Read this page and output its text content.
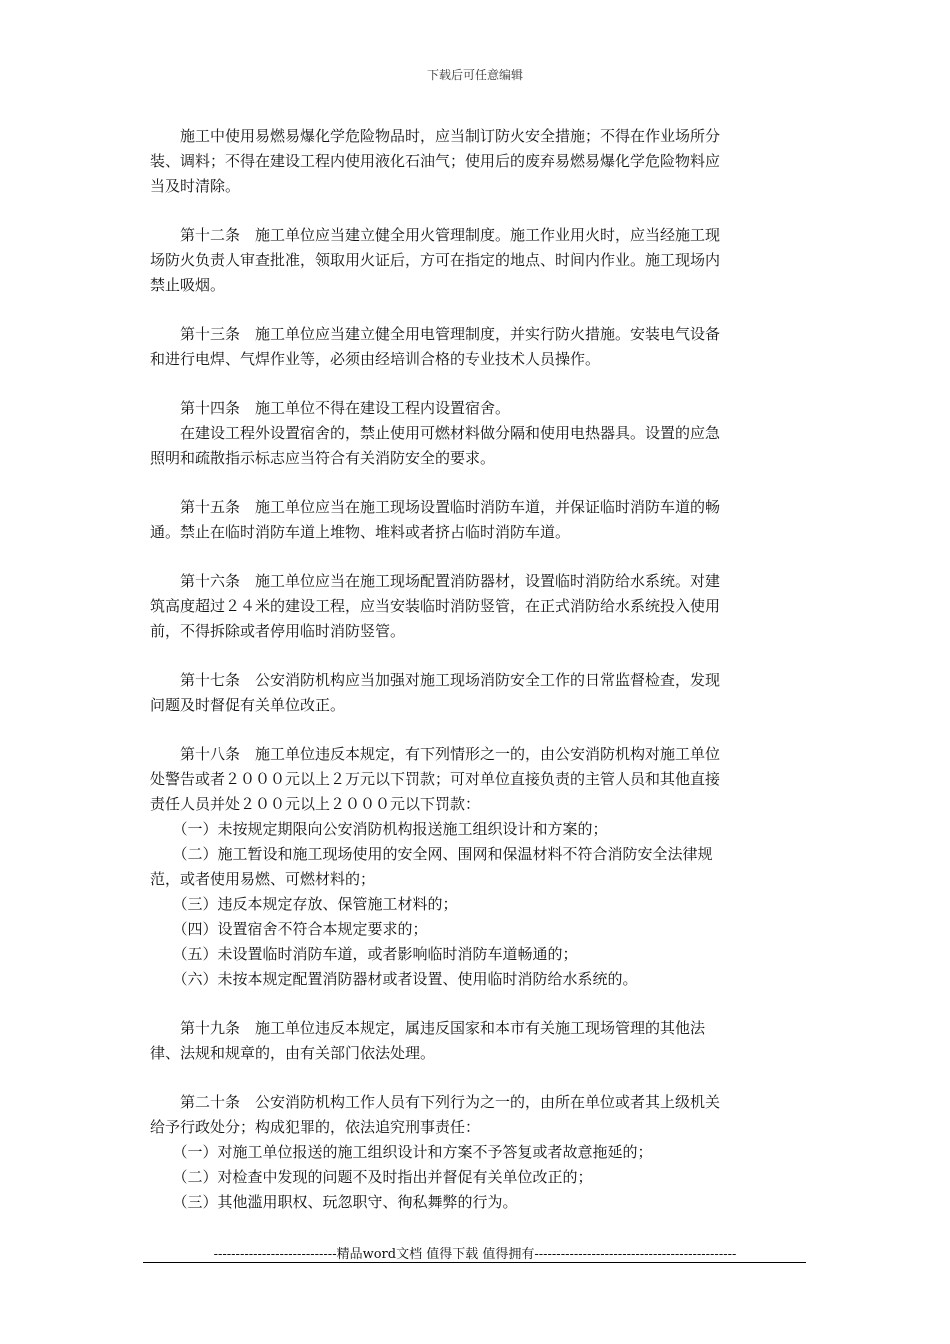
下载后可任意编辑
　　施工中使用易燃易爆化学危险物品时，应当制订防火安全措施；不得在作业场所分
装、调料；不得在建设工程内使用液化石油气；使用后的废弃易燃易爆化学危险物料应
当及时清除。
　　第十二条　施工单位应当建立健全用火管理制度。施工作业用火时，应当经施工现
场防火负责人审查批准，领取用火证后，方可在指定的地点、时间内作业。施工现场内
禁止吸烟。
　　第十三条　施工单位应当建立健全用电管理制度，并实行防火措施。安装电气设备
和进行电焊、气焊作业等，必须由经培训合格的专业技术人员操作。
　　第十四条　施工单位不得在建设工程内设置宿舍。
　　在建设工程外设置宿舍的，禁止使用可燃材料做分隔和使用电热器具。设置的应急
照明和疏散指示标志应当符合有关消防安全的要求。
　　第十五条　施工单位应当在施工现场设置临时消防车道，并保证临时消防车道的畅
通。禁止在临时消防车道上堆物、堆料或者挤占临时消防车道。
　　第十六条　施工单位应当在施工现场配置消防器材，设置临时消防给水系统。对建
筑高度超过２４米的建设工程，应当安装临时消防竖管，在正式消防给水系统投入使用
前，不得拆除或者停用临时消防竖管。
　　第十七条　公安消防机构应当加强对施工现场消防安全工作的日常监督检查，发现
问题及时督促有关单位改正。
　　第十八条　施工单位违反本规定，有下列情形之一的，由公安消防机构对施工单位
处警告或者２０００元以上２万元以下罚款；可对单位直接负责的主管人员和其他直接
责任人员并处２００元以上２０００元以下罚款：
　　（一）未按规定期限向公安消防机构报送施工组织设计和方案的；
　　（二）施工暂设和施工现场使用的安全网、围网和保温材料不符合消防安全法律规
范，或者使用易燃、可燃材料的；
　　（三）违反本规定存放、保管施工材料的；
　　（四）设置宿舍不符合本规定要求的；
　　（五）未设置临时消防车道，或者影响临时消防车道畅通的；
　　（六）未按本规定配置消防器材或者设置、使用临时消防给水系统的。
　　第十九条　施工单位违反本规定，属违反国家和本市有关施工现场管理的其他法
律、法规和规章的，由有关部门依法处理。
　　第二十条　公安消防机构工作人员有下列行为之一的，由所在单位或者其上级机关
给予行政处分；构成犯罪的，依法追究刑事责任：
　　（一）对施工单位报送的施工组织设计和方案不予答复或者故意拖延的；
　　（二）对检查中发现的问题不及时指出并督促有关单位改正的；
　　（三）其他滥用职权、玩忽职守、徇私舞弊的行为。
----------------------------精品word文档 值得下载 值得拥有----------------------------------------------
